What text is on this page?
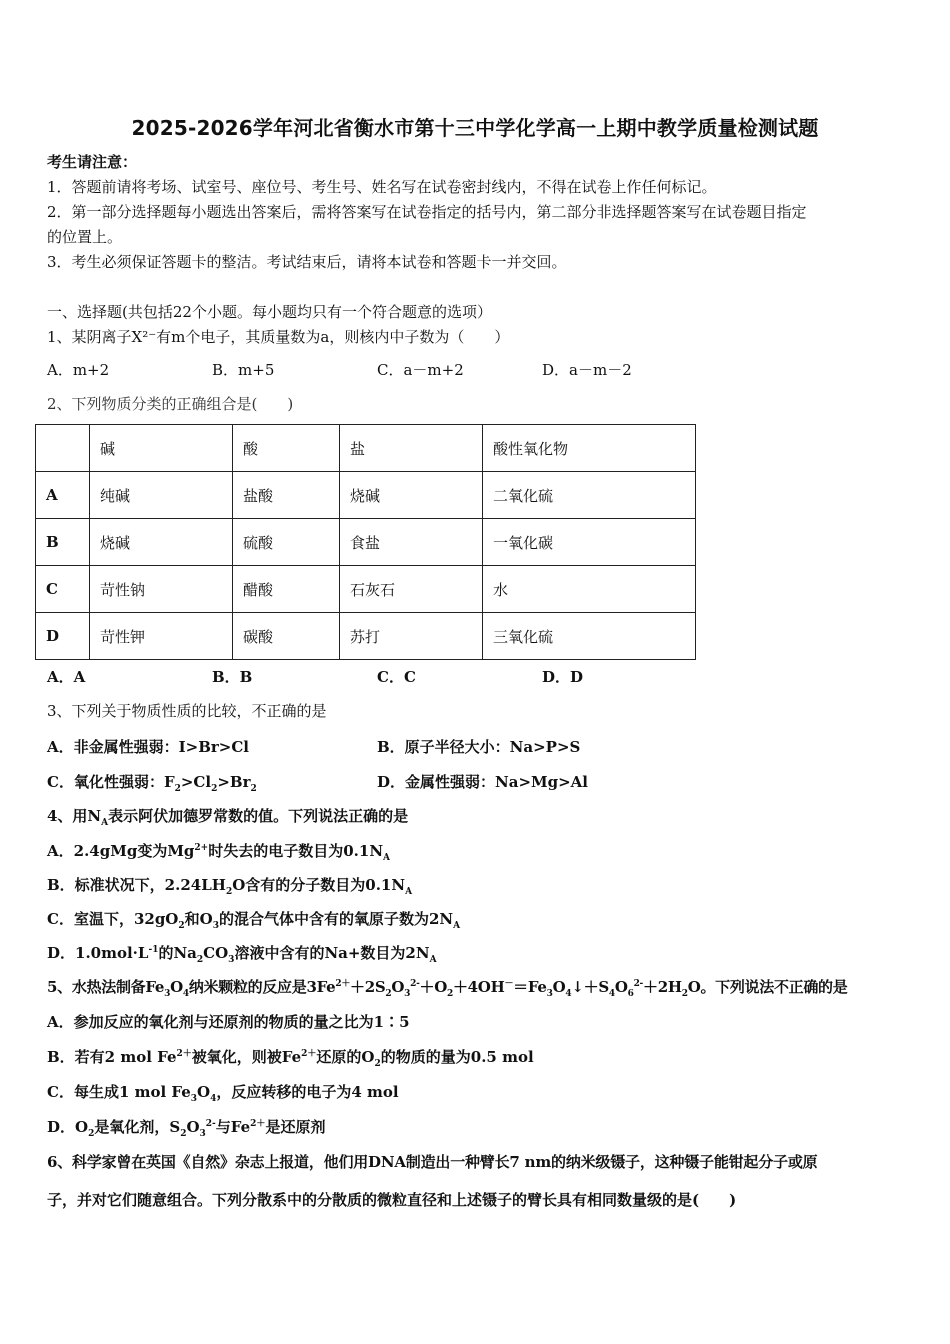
2025-2026学年河北省衡水市第十三中学化学高一上期中教学质量检测试题
考生请注意：
1．答题前请将考场、试室号、座位号、考生号、姓名写在试卷密封线内，不得在试卷上作任何标记。
2．第一部分选择题每小题选出答案后，需将答案写在试卷指定的括号内，第二部分非选择题答案写在试卷题目指定
的位置上。
3．考生必须保证答题卡的整洁。考试结束后，请将本试卷和答题卡一并交回。
一、选择题(共包括22个小题。每小题均只有一个符合题意的选项）
1、某阴离子X²⁻有m个电子，其质量数为a，则核内中子数为（　　）
A．m+2	B．m+5	C．a－m+2	D．a－m－2
2、下列物质分类的正确组合是(　　)
	碱	酸	盐	酸性氧化物
A	纯碱	盐酸	烧碱	二氧化硫
B	烧碱	硫酸	食盐	一氧化碳
C	苛性钠	醋酸	石灰石	水
D	苛性钾	碳酸	苏打	三氧化硫
A．A	B．B	C．C	D．D
3、下列关于物质性质的比较，不正确的是
A．非金属性强弱：I>Br>Cl	B．原子半径大小：Na>P>S
C．氧化性强弱：$F_2>Cl_2>Br_2$	D．金属性强弱：Na>Mg>Al
4、用$N_A$表示阿伏加德罗常数的值。下列说法正确的是
A．2.4gMg变为$Mg^{2+}$时失去的电子数目为$0.1N_A$
B．标准状况下，$2.24LH_2O$含有的分子数目为$0.1N_A$
C．室温下，$32gO_2$和$O_3$的混合气体中含有的氧原子数为$2N_A$
D．$1.0mol\cdot L^{-1}$的$Na_2CO_3$溶液中含有的Na+数目为$2N_A$
5、水热法制备$Fe_3O_4$纳米颗粒的反应是$3Fe^{2+}+2S_2O_3^{2-}+O_2+4OH^-=Fe_3O_4↓+S_4O_6^{2-}+2H_2O$。下列说法不正确的是
A．参加反应的氧化剂与还原剂的物质的量之比为1∶5
B．若有2 mol $Fe^{2+}$被氧化，则被$Fe^{2+}$还原的$O_2$的物质的量为0.5 mol
C．每生成1 mol $Fe_3O_4$，反应转移的电子为4 mol
D．$O_2$是氧化剂，$S_2O_3^{2-}$与$Fe^{2+}$是还原剂
6、科学家曾在英国《自然》杂志上报道，他们用DNA制造出一种臂长7 nm的纳米级镊子，这种镊子能钳起分子或原
子，并对它们随意组合。下列分散系中的分散质的微粒直径和上述镊子的臂长具有相同数量级的是(　　)
